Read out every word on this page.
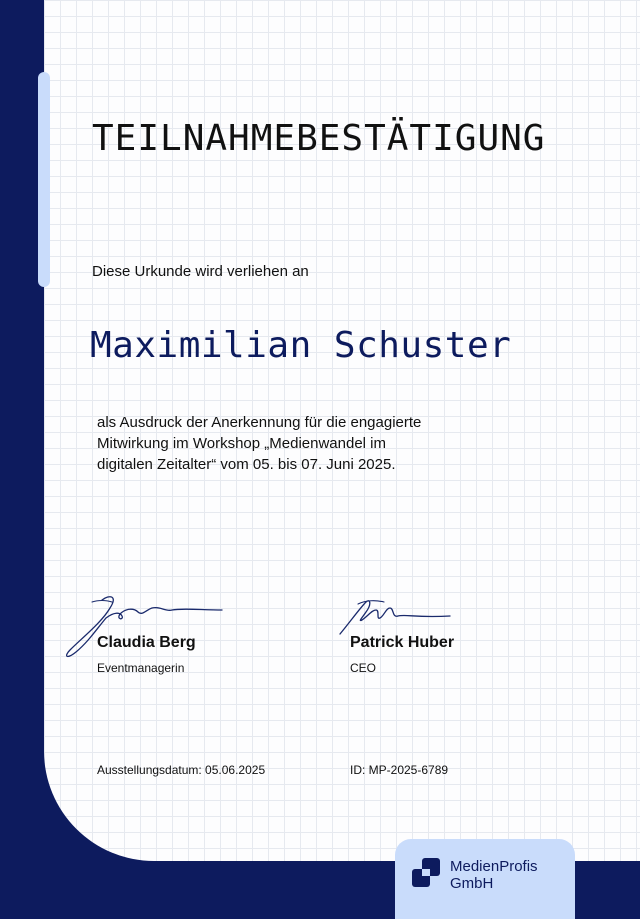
TEILNAHMEBESTÄTIGUNG
Diese Urkunde wird verliehen an
Maximilian Schuster
als Ausdruck der Anerkennung für die engagierte
Mitwirkung im Workshop „Medienwandel im
digitalen Zeitalter“ vom 05. bis 07. Juni 2025.
Claudia Berg
Eventmanagerin
Patrick Huber
CEO
Ausstellungsdatum: 05.06.2025	ID: MP-2025-6789
MedienProfis
GmbH
